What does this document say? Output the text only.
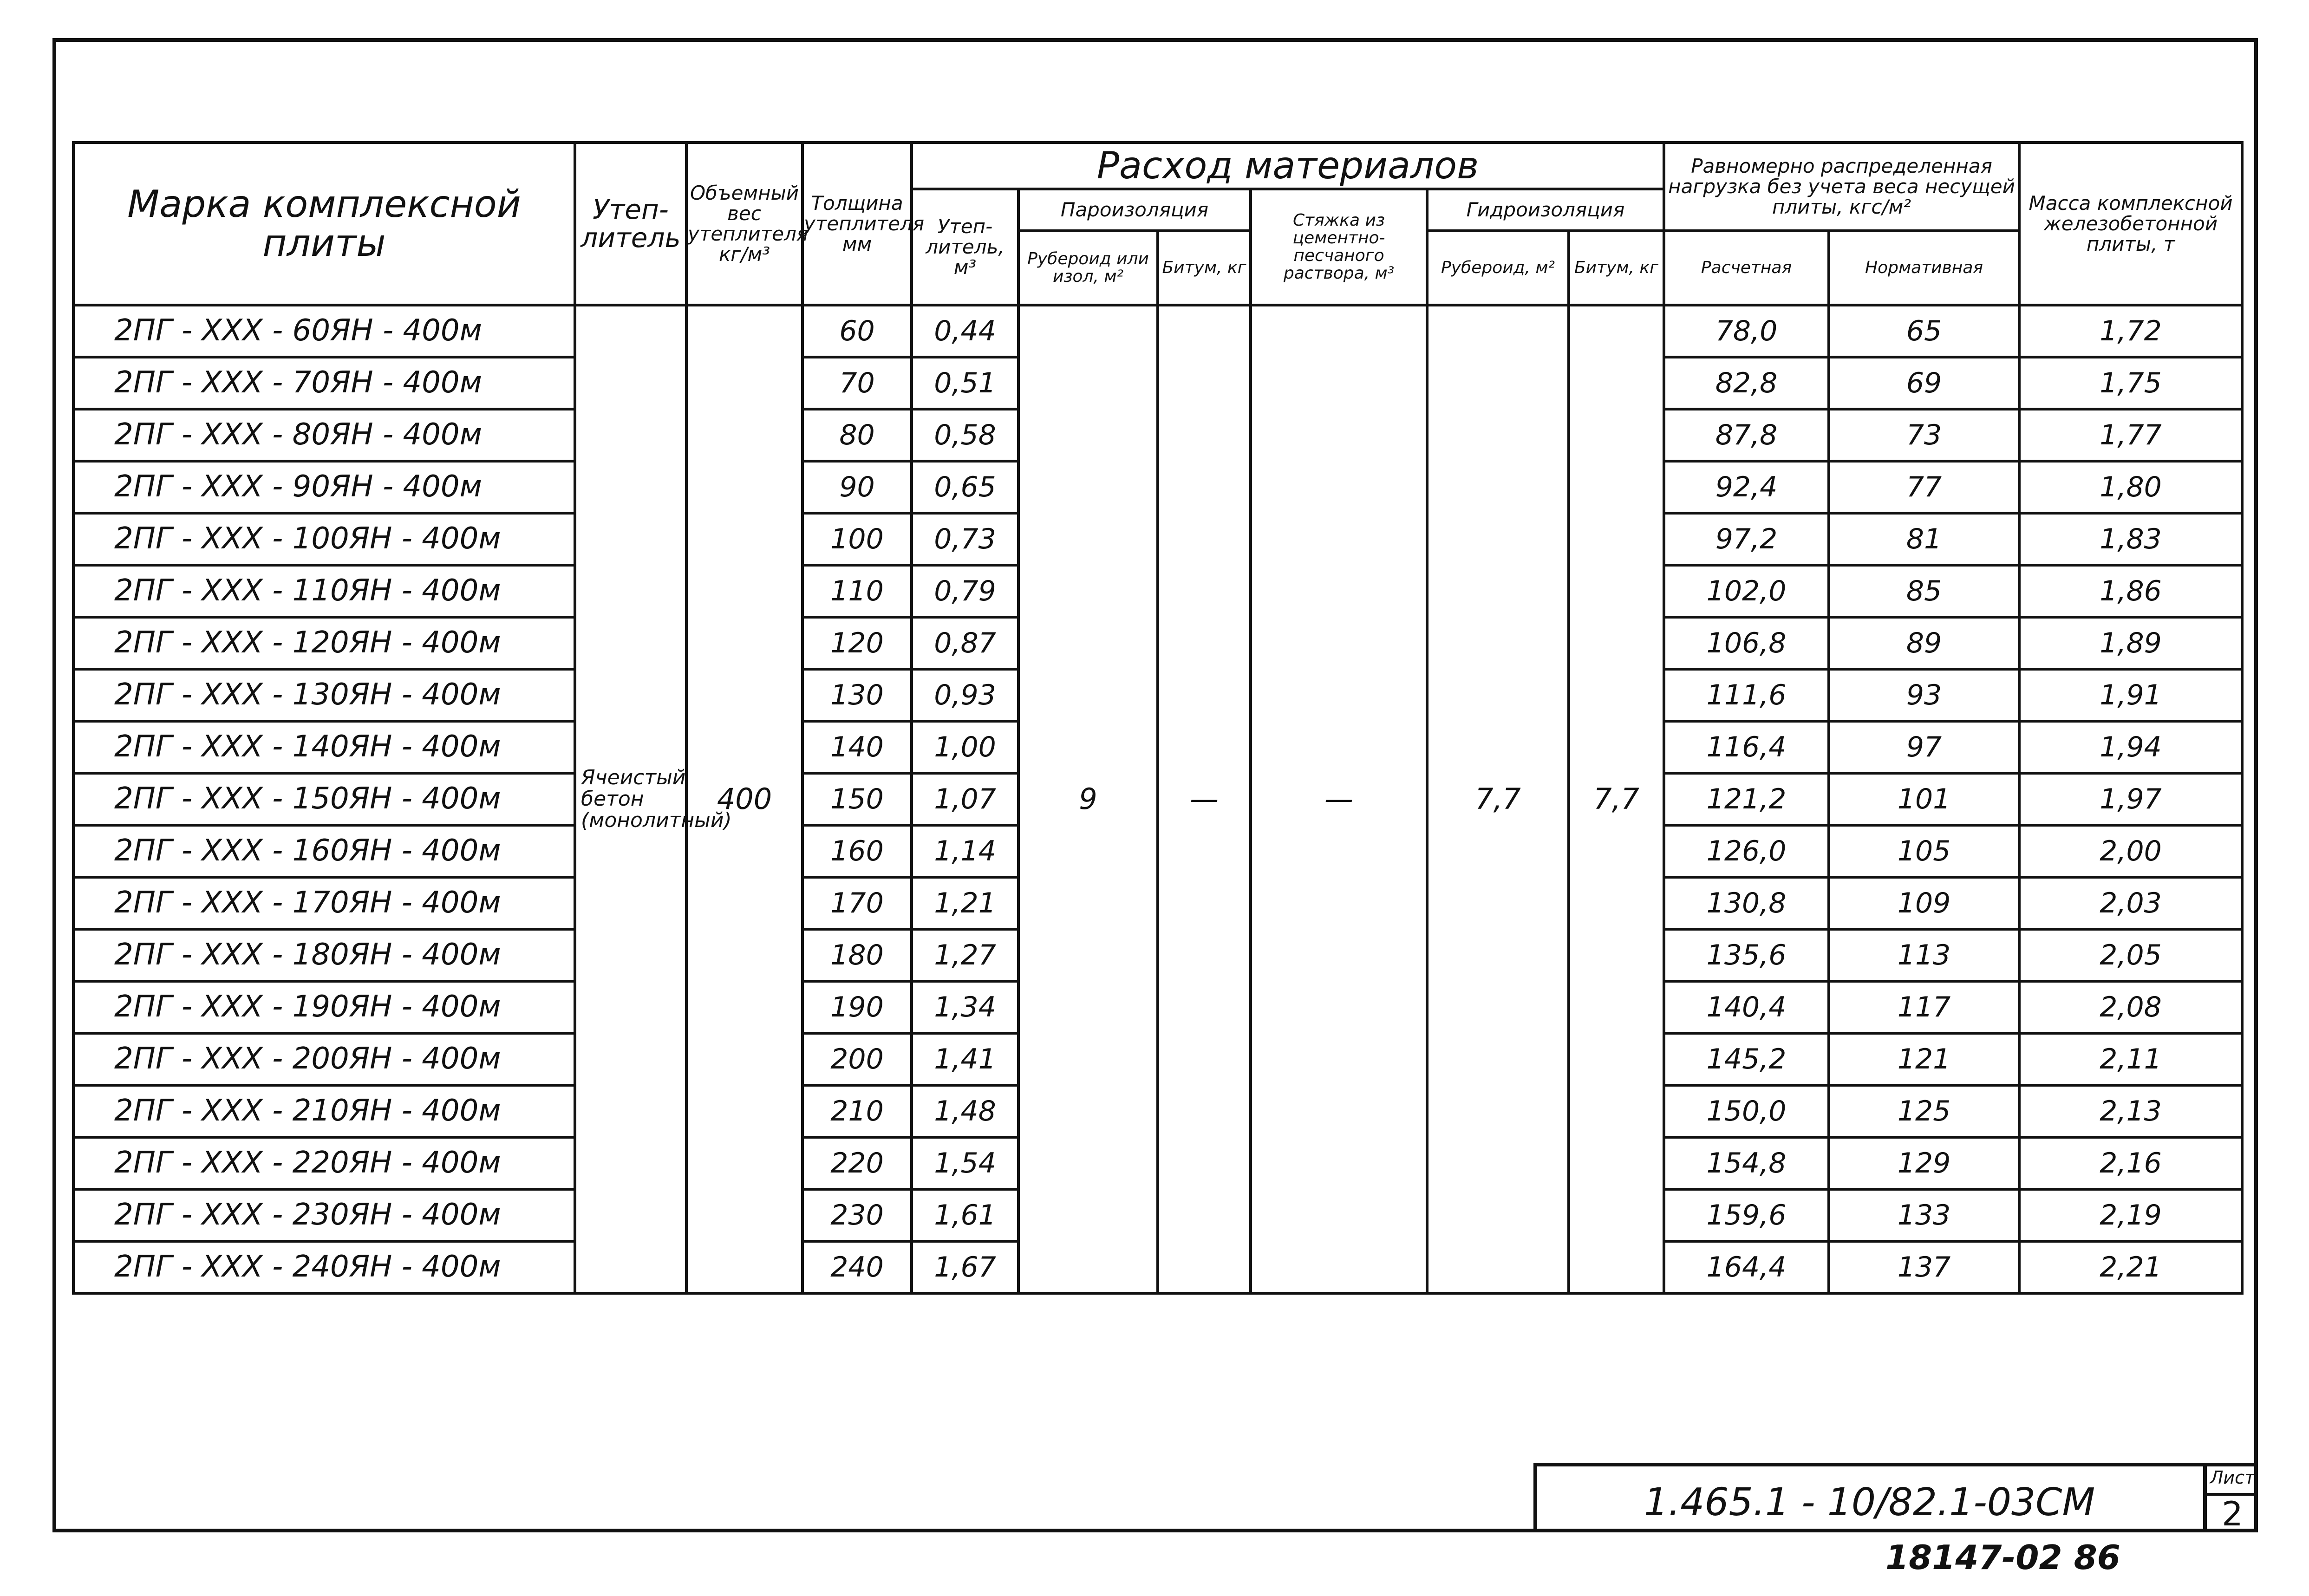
Марка комплексной плиты	Утеп-литель	Объемный вес утеплителя кг/м³	Толщина утеплителя мм	Расход материалов						Равномерно распределенная нагрузка без учета веса несущей плиты, кгс/м²		Масса комплексной железобетонной плиты, т
				Утеп-литель, м³	Пароизоляция		Стяжка из цементно-песчаного раствора, м³	Гидроизоляция				
					Рубероид или изол, м²	Битум, кг		Рубероид, м²	Битум, кг	Расчетная	Нормативная	
2ПГ - ХХХ - 60ЯН - 400м	Ячеистый бетон (монолитный)	400	60	0,44	9	—	—	7,7	7,7	78,0	65	1,72
2ПГ - ХХХ - 70ЯН - 400м			70	0,51						82,8	69	1,75
2ПГ - ХХХ - 80ЯН - 400м			80	0,58						87,8	73	1,77
2ПГ - ХХХ - 90ЯН - 400м			90	0,65						92,4	77	1,80
2ПГ - ХХХ - 100ЯН - 400м			100	0,73						97,2	81	1,83
2ПГ - ХХХ - 110ЯН - 400м			110	0,79						102,0	85	1,86
2ПГ - ХХХ - 120ЯН - 400м			120	0,87						106,8	89	1,89
2ПГ - ХХХ - 130ЯН - 400м			130	0,93						111,6	93	1,91
2ПГ - ХХХ - 140ЯН - 400м			140	1,00						116,4	97	1,94
2ПГ - ХХХ - 150ЯН - 400м			150	1,07						121,2	101	1,97
2ПГ - ХХХ - 160ЯН - 400м			160	1,14						126,0	105	2,00
2ПГ - ХХХ - 170ЯН - 400м			170	1,21						130,8	109	2,03
2ПГ - ХХХ - 180ЯН - 400м			180	1,27						135,6	113	2,05
2ПГ - ХХХ - 190ЯН - 400м			190	1,34						140,4	117	2,08
2ПГ - ХХХ - 200ЯН - 400м			200	1,41						145,2	121	2,11
2ПГ - ХХХ - 210ЯН - 400м			210	1,48						150,0	125	2,13
2ПГ - ХХХ - 220ЯН - 400м			220	1,54						154,8	129	2,16
2ПГ - ХХХ - 230ЯН - 400м			230	1,61						159,6	133	2,19
2ПГ - ХХХ - 240ЯН - 400м			240	1,67						164,4	137	2,21
1.465.1 - 10/82.1-03СМ
Лист
2
18147-02 86
